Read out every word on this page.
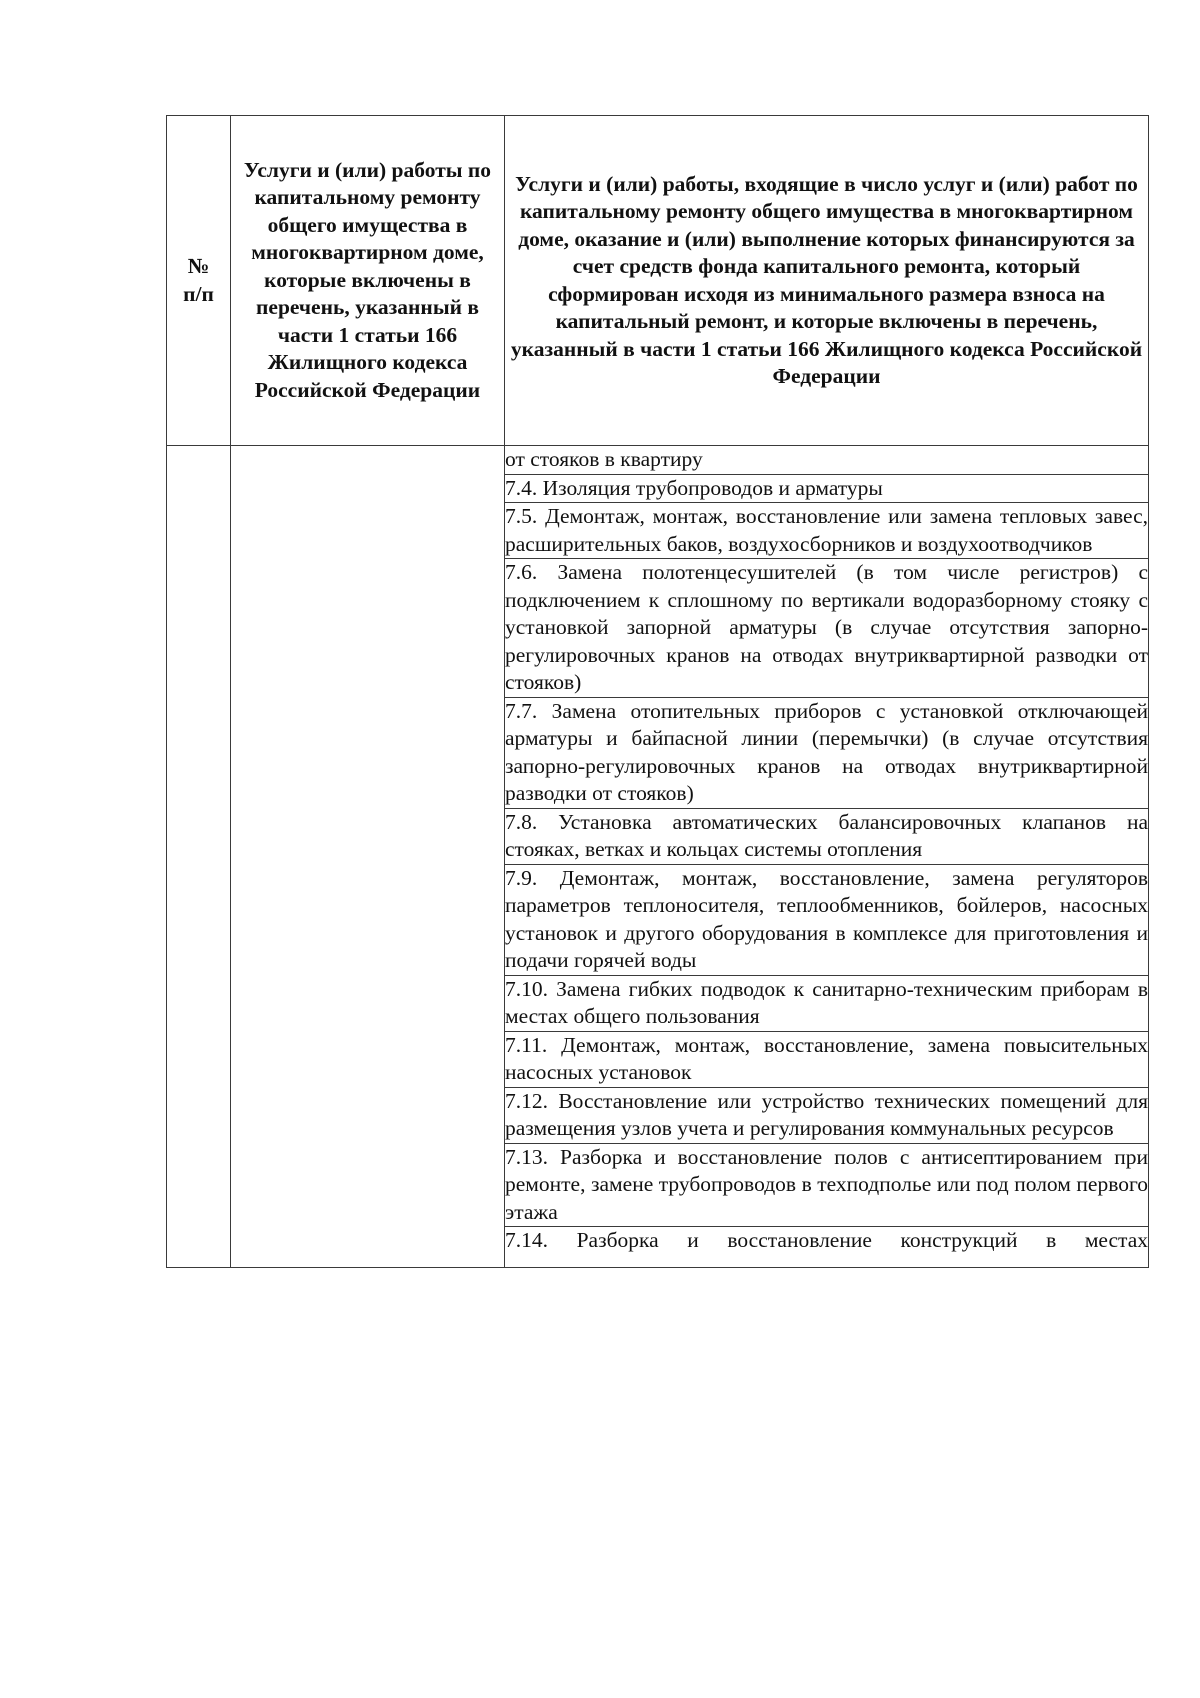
№
п/п	Услуги и (или) работы по капитальному ремонту общего имущества в многоквартирном доме, которые включены в перечень, указанный в части 1 статьи 166 Жилищного кодекса Российской Федерации	Услуги и (или) работы, входящие в число услуг и (или) работ по капитальному ремонту общего имущества в многоквартирном доме, оказание и (или) выполнение которых финансируются за счет средств фонда капитального ремонта, который сформирован исходя из минимального размера взноса на капитальный ремонт, и которые включены в перечень, указанный в части 1 статьи 166 Жилищного кодекса Российской Федерации

		от стояков в квартиру

		7.4. Изоляция трубопроводов и арматуры

		7.5. Демонтаж, монтаж, восстановление или замена тепловых завес, расширительных баков, воздухосборников и воздухоотводчиков

		7.6. Замена полотенцесушителей (в том числе регистров) с подключением к сплошному по вертикали водоразборному стояку с установкой запорной арматуры (в случае отсутствия запорно-регулировочных кранов на отводах внутриквартирной разводки от стояков)

		7.7. Замена отопительных приборов с установкой отключающей арматуры и байпасной линии (перемычки) (в случае отсутствия запорно-регулировочных кранов на отводах внутриквартирной разводки от стояков)

		7.8. Установка автоматических балансировочных клапанов на стояках, ветках и кольцах системы отопления

		7.9. Демонтаж, монтаж, восстановление, замена регуляторов параметров теплоносителя, теплообменников, бойлеров, насосных установок и другого оборудования в комплексе для приготовления и подачи горячей воды

		7.10. Замена гибких подводок к санитарно-техническим приборам в местах общего пользования

		7.11. Демонтаж, монтаж, восстановление, замена повысительных насосных установок

		7.12. Восстановление или устройство технических помещений для размещения узлов учета и регулирования коммунальных ресурсов

		7.13. Разборка и восстановление полов с антисептированием при ремонте, замене трубопроводов в техподполье или под полом первого этажа

		7.14. Разборка и восстановление конструкций в местах
